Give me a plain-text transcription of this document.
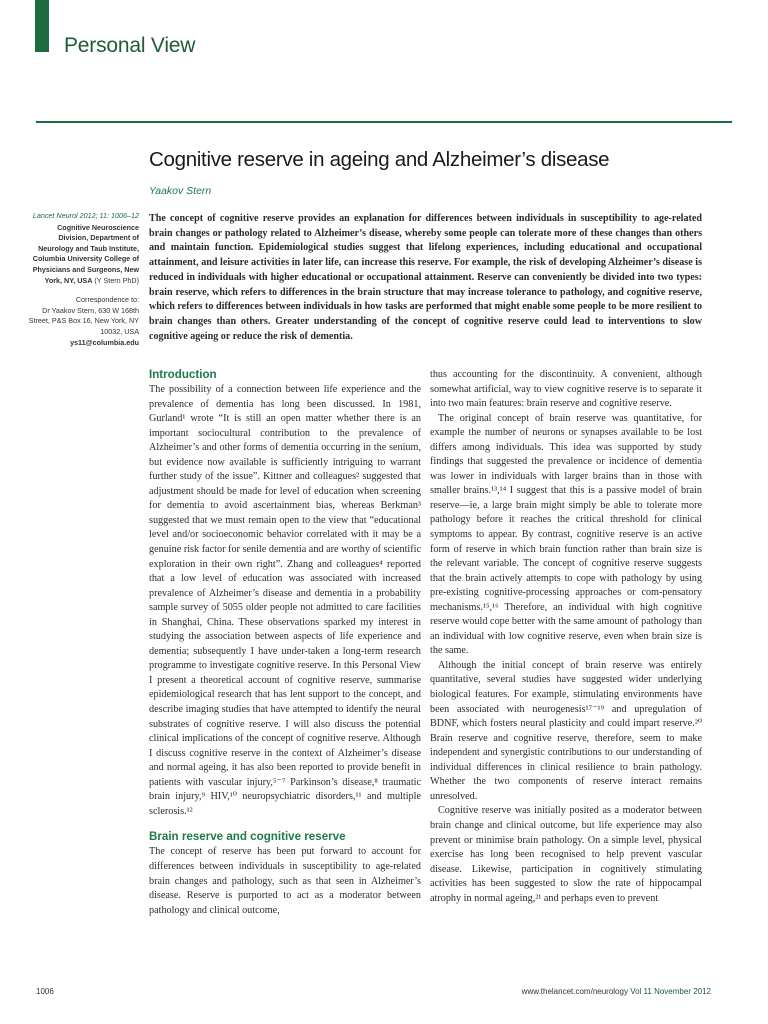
Personal View
Cognitive reserve in ageing and Alzheimer’s disease
Yaakov Stern
Lancet Neurol 2012; 11: 1006–12
Cognitive Neuroscience Division, Department of Neurology and Taub Institute, Columbia University College of Physicians and Surgeons, New York, NY, USA (Y Stern PhD)
Correspondence to:
Dr Yaakov Stern, 630 W 168th Street, P&S Box 16, New York, NY 10032, USA
ys11@columbia.edu
The concept of cognitive reserve provides an explanation for differences between individuals in susceptibility to age-related brain changes or pathology related to Alzheimer’s disease, whereby some people can tolerate more of these changes than others and maintain function. Epidemiological studies suggest that lifelong experiences, including educational and occupational attainment, and leisure activities in later life, can increase this reserve. For example, the risk of developing Alzheimer’s disease is reduced in individuals with higher educational or occupational attainment. Reserve can conveniently be divided into two types: brain reserve, which refers to differences in the brain structure that may increase tolerance to pathology, and cognitive reserve, which refers to differences between individuals in how tasks are performed that might enable some people to be more resilient to brain changes than others. Greater understanding of the concept of cognitive reserve could lead to interventions to slow cognitive ageing or reduce the risk of dementia.
Introduction

The possibility of a connection between life experience and the prevalence of dementia has long been discussed. In 1981, Gurland¹ wrote “It is still an open matter whether there is an important sociocultural contribution to the prevalence of Alzheimer’s and other forms of dementia occurring in the senium, but evidence now available is sufficiently intriguing to warrant further study of the issue”. Kittner and colleagues² suggested that adjustment should be made for level of education when screening for dementia to avoid ascertainment bias, whereas Berkman³ suggested that we must remain open to the view that “educational level and/or socioeconomic behavior correlated with it may be a genuine risk factor for senile dementia and are worthy of scientific exploration in their own right”. Zhang and colleagues⁴ reported that a low level of education was associated with increased prevalence of Alzheimer’s disease and dementia in a probability sample survey of 5055 older people not admitted to care facilities in Shanghai, China. These observations sparked my interest in studying the association between aspects of life experience and dementia; subsequently I have under-taken a long-term research programme to investigate cognitive reserve. In this Personal View I present a theoretical account of cognitive reserve, summarise epidemiological research that has lent support to the concept, and describe imaging studies that have attempted to identify the neural substrates of cognitive reserve. I will also discuss the potential clinical implications of the concept of cognitive reserve. Although I discuss cognitive reserve in the context of Alzheimer’s disease and normal ageing, it has also been reported to provide benefit in patients with vascular injury,⁵⁻⁷ Parkinson’s disease,⁸ traumatic brain injury,⁹ HIV,¹⁰ neuropsychiatric disorders,¹¹ and multiple sclerosis.¹²

Brain reserve and cognitive reserve

The concept of reserve has been put forward to account for differences between individuals in susceptibility to age-related brain changes and pathology, such as that seen in Alzheimer’s disease. Reserve is purported to act as a moderator between pathology and clinical outcome,

thus accounting for the discontinuity. A convenient, although somewhat artificial, way to view cognitive reserve is to separate it into two main features: brain reserve and cognitive reserve.

The original concept of brain reserve was quantitative, for example the number of neurons or synapses available to be lost differs among individuals. This idea was supported by study findings that suggested the prevalence or incidence of dementia was lower in individuals with larger brains than in those with smaller brains.¹³,¹⁴ I suggest that this is a passive model of brain reserve—ie, a large brain might simply be able to tolerate more pathology before it reaches the critical threshold for clinical symptoms to appear. By contrast, cognitive reserve is an active form of reserve in which brain function rather than brain size is the relevant variable. The concept of cognitive reserve suggests that the brain actively attempts to cope with pathology by using pre-existing cognitive-processing approaches or com-pensatory mechanisms.¹⁵,¹⁶ Therefore, an individual with high cognitive reserve would cope better with the same amount of pathology than an individual with low cognitive reserve, even when brain size is the same.

Although the initial concept of brain reserve was entirely quantitative, several studies have suggested wider underlying biological features. For example, stimulating environments have been associated with neurogenesis¹⁷⁻¹⁹ and upregulation of BDNF, which fosters neural plasticity and could impart reserve.²⁰ Brain reserve and cognitive reserve, therefore, seem to make independent and synergistic contributions to our understanding of individual differences in clinical resilience to brain pathology. Whether the two components of reserve interact remains unresolved.

Cognitive reserve was initially posited as a moderator between brain change and clinical outcome, but life experience may also prevent or minimise brain pathology. On a simple level, physical exercise has long been recognised to help prevent vascular disease. Likewise, participation in cognitively stimulating activities has been suggested to slow the rate of hippocampal atrophy in normal ageing,²¹ and perhaps even to prevent

1006	www.thelancet.com/neurology Vol 11 November 2012
